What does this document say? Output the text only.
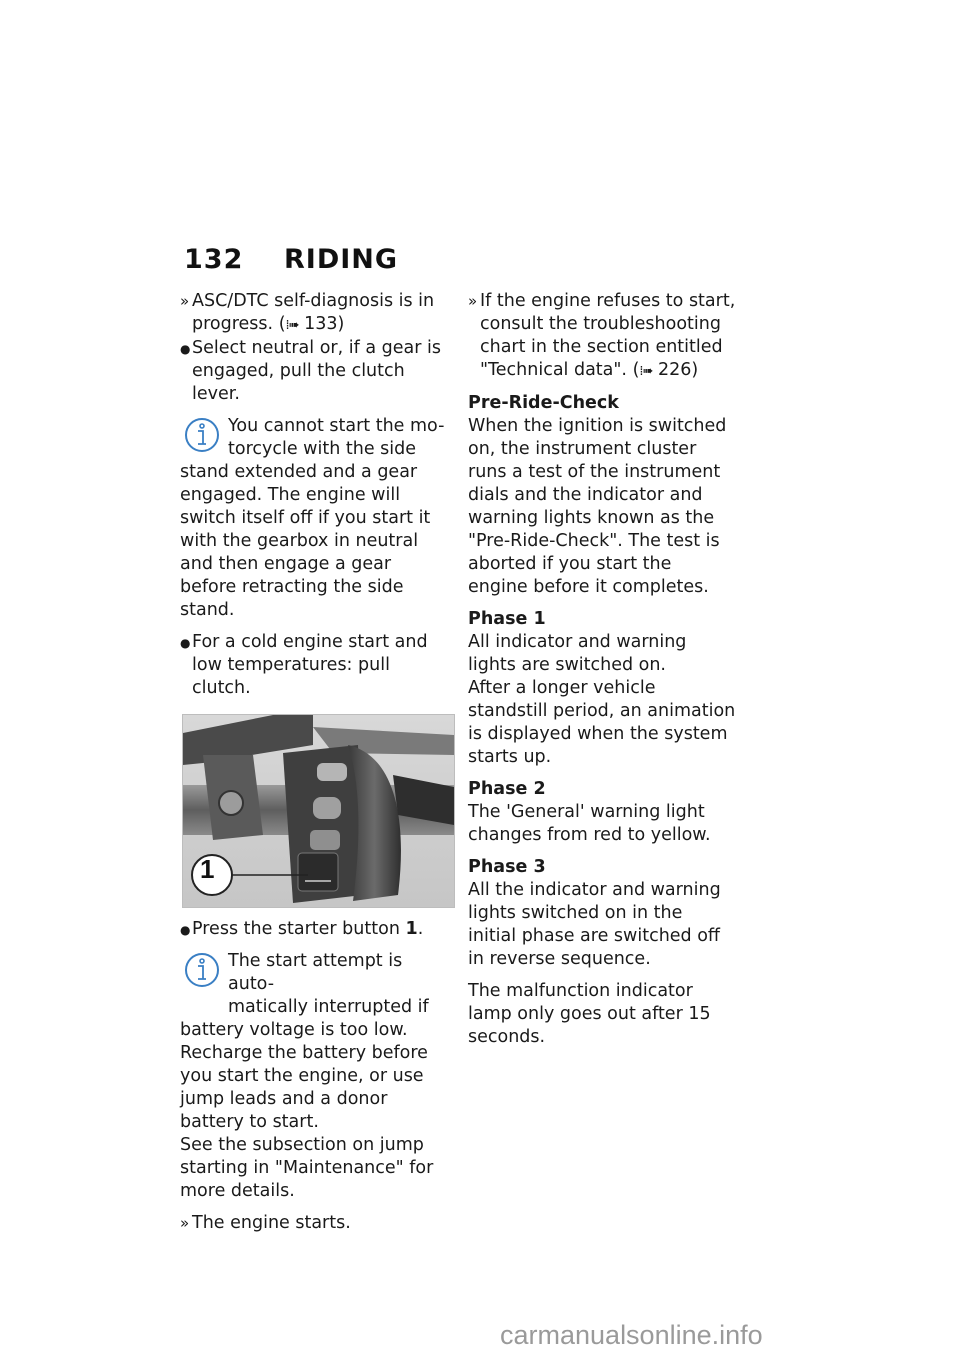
132	RIDING
» ASC/DTC self-diagnosis is in progress. (⁞➠ 133)
● Select neutral or, if a gear is engaged, pull the clutch lever.
You cannot start the mo-
torcycle with the side
stand extended and a gear engaged. The engine will switch itself off if you start it with the gearbox in neutral and then engage a gear before retracting the side stand.
● For a cold engine start and low temperatures: pull clutch.
1
● Press the starter button 1.
The start attempt is auto-
matically interrupted if
battery voltage is too low. Recharge the battery before you start the engine, or use jump leads and a donor battery to start.
See the subsection on jump starting in "Maintenance" for more details.
» The engine starts.
» If the engine refuses to start, consult the troubleshooting chart in the section entitled "Technical data". (⁞➠ 226)
Pre-Ride-Check
When the ignition is switched on, the instrument cluster runs a test of the instrument dials and the indicator and warning lights known as the "Pre-Ride-Check". The test is aborted if you start the engine before it completes.
Phase 1
All indicator and warning lights are switched on.
After a longer vehicle standstill period, an animation is displayed when the system starts up.
Phase 2
The 'General' warning light changes from red to yellow.
Phase 3
All the indicator and warning lights switched on in the initial phase are switched off in reverse sequence.
The malfunction indicator lamp only goes out after 15 seconds.
carmanualsonline.info
